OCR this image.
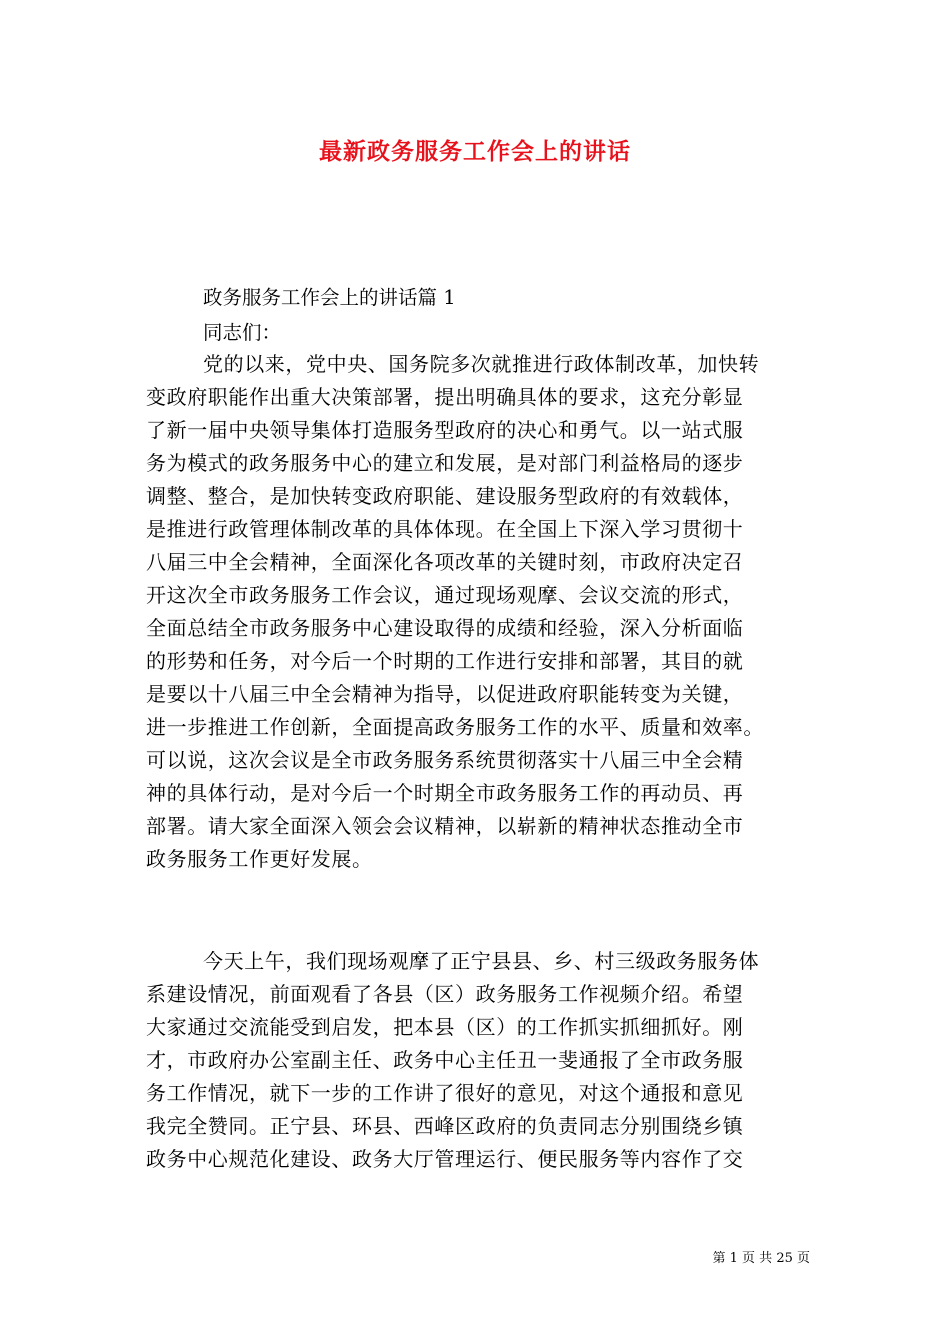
最新政务服务工作会上的讲话

政务服务工作会上的讲话篇 1

同志们：

党的以来，党中央、国务院多次就推进行政体制改革，加快转
变政府职能作出重大决策部署，提出明确具体的要求，这充分彰显
了新一届中央领导集体打造服务型政府的决心和勇气。以一站式服
务为模式的政务服务中心的建立和发展，是对部门利益格局的逐步
调整、整合，是加快转变政府职能、建设服务型政府的有效载体，
是推进行政管理体制改革的具体体现。在全国上下深入学习贯彻十
八届三中全会精神，全面深化各项改革的关键时刻，市政府决定召
开这次全市政务服务工作会议，通过现场观摩、会议交流的形式，
全面总结全市政务服务中心建设取得的成绩和经验，深入分析面临
的形势和任务，对今后一个时期的工作进行安排和部署，其目的就
是要以十八届三中全会精神为指导，以促进政府职能转变为关键，
进一步推进工作创新，全面提高政务服务工作的水平、质量和效率。
可以说，这次会议是全市政务服务系统贯彻落实十八届三中全会精
神的具体行动，是对今后一个时期全市政务服务工作的再动员、再
部署。请大家全面深入领会会议精神，以崭新的精神状态推动全市
政务服务工作更好发展。
今天上午，我们现场观摩了正宁县县、乡、村三级政务服务体
系建设情况，前面观看了各县（区）政务服务工作视频介绍。希望
大家通过交流能受到启发，把本县（区）的工作抓实抓细抓好。刚
才，市政府办公室副主任、政务中心主任丑一斐通报了全市政务服
务工作情况，就下一步的工作讲了很好的意见，对这个通报和意见
我完全赞同。正宁县、环县、西峰区政府的负责同志分别围绕乡镇
政务中心规范化建设、政务大厅管理运行、便民服务等内容作了交

第 1 页 共 25 页
